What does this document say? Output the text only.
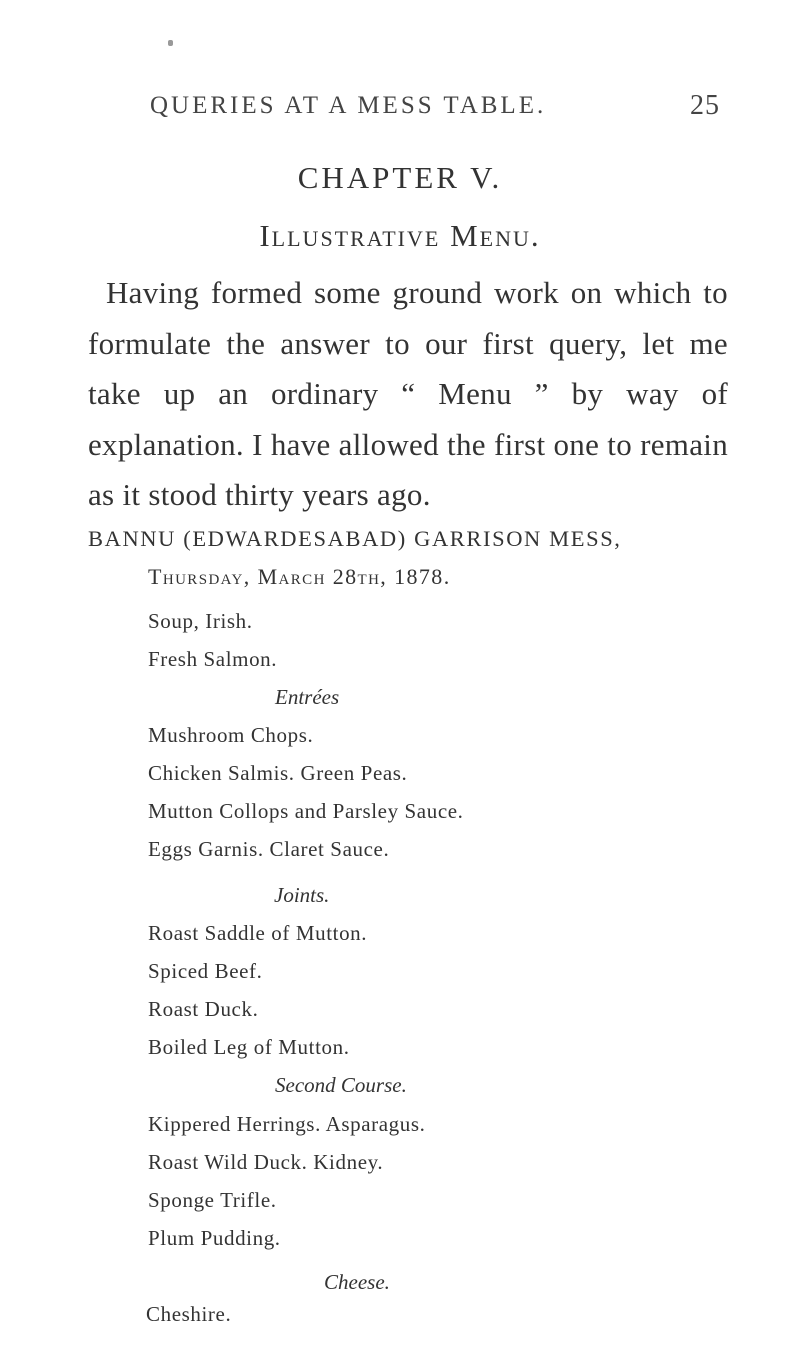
QUERIES AT A MESS TABLE.	25
CHAPTER V.
Illustrative Menu.

Having formed some ground work on which to formulate the answer to our first query, let me take up an ordinary “ Menu ” by way of explanation. I have allowed the first one to remain as it stood thirty years ago.

BANNU (EDWARDESABAD) GARRISON MESS,
Thursday, March 28th, 1878.
Soup, Irish.
Fresh Salmon.
Entrées
Mushroom Chops.
Chicken Salmis. Green Peas.
Mutton Collops and Parsley Sauce.
Eggs Garnis. Claret Sauce.
Joints.
Roast Saddle of Mutton.
Spiced Beef.
Roast Duck.
Boiled Leg of Mutton.
Second Course.
Kippered Herrings. Asparagus.
Roast Wild Duck. Kidney.
Sponge Trifle.
Plum Pudding.
Cheese.
Cheshire.
